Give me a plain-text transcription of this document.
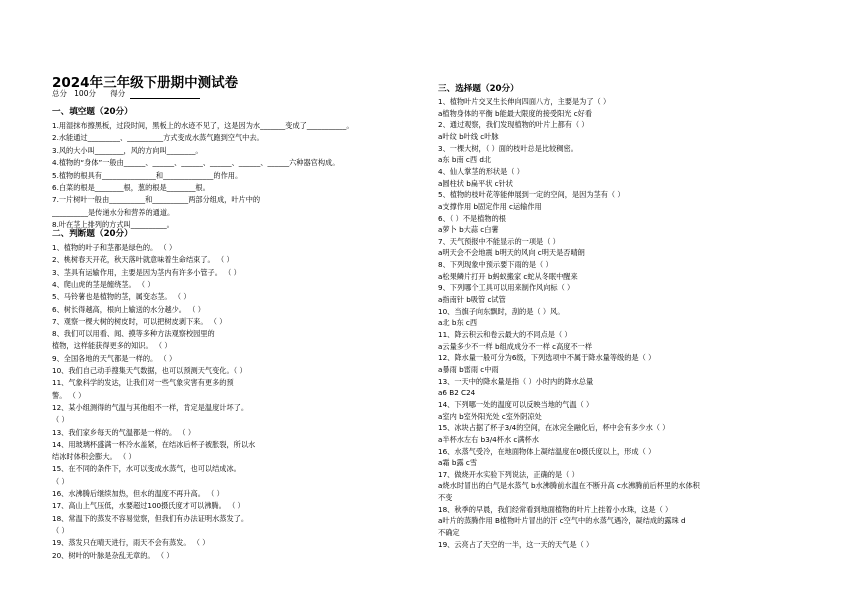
2024年三年级下册期中测试卷
总分 100分 得分
一、填空题（20分）
1.用湿抹布擦黑板，过段时间，黑板上的水迹不见了，这是因为水_______变成了___________。
2.水能通过_________、__________方式变成水蒸气跑到空气中去。
3.风的大小叫________，风的方向叫________。
4.植物的“身体”一般由______、______、______、______、______、______六种器官构成。
5.植物的根具有_______________和______________的作用。
6.白菜的根是________根，葱的根是________根。
7.一片树叶一般由__________和__________两部分组成，叶片中的
__________是传递水分和营养的通道。
8.叶在茎上排列的方式叫__________。
二、判断题（20分）
1、植物的叶子和茎都是绿色的。 （ ）
2、桃树春天开花，秋天落叶就意味着生命结束了。 （ ）
3、茎具有运输作用，主要是因为茎内有许多小管子。 （ ）
4、爬山虎的茎是缠绕茎。 （ ）
5、马铃薯也是植物的茎，属变态茎。 （ ）
6、树长得越高，根向上输送的水分越少。 （ ）
7、观察一棵大树的树皮时，可以把树皮剥下来。 （ ）
8、我们可以用看、闻、摸等多种方法观察校园里的
植物，这样能获得更多的知识。 （ ）
9、全国各地的天气都是一样的。 （ ）
10、我们自己动手搜集天气数据，也可以预测天气变化。（ ）
11、气象科学的发达，让我们对一些气象灾害有更多的预
警。 （ ）
12、某小组测得的气温与其他组不一样，肯定是温度计坏了。
（ ）
13、我们家乡每天的气温都是一样的。 （ ）
14、用玻璃杯盛满一杯冷水盖紧，在结冰后杯子被胀裂，所以水
结冰时体积会膨大。 （ ）
15、在不同的条件下，水可以变成水蒸气，也可以结成冰。
（ ）
16、水沸腾后继续加热，但水的温度不再升高。 （ ）
17、高山上气压低，水要超过100摄氏度才可以沸腾。 （ ）
18、常温下的蒸发不容易觉察，但我们有办法证明水蒸发了。
（ ）
19、蒸发只在晴天进行，雨天不会有蒸发。 （ ）
20、树叶的叶脉是杂乱无章的。 （ ）
三、选择题（20分）
1、植物叶片交叉生长伸向四面八方，主要是为了（ ）
a植物身体的平衡 b能最大限度的接受阳光 c好看
2、通过观察，我们发现植物的叶片上都有（ ）
a叶纹 b叶线 c叶脉
3、一棵大树，（ ）面的枝叶总是比较稠密。
a东 b南 c西 d北
4、仙人掌茎的形状是（ ）
a圆柱状 b扁平状 c针状
5、植物的枝叶花等能伸展到一定的空间，是因为茎有（ ）
a支撑作用 b固定作用 c运输作用
6、（ ）不是植物的根
a萝卜 b大蒜 c白薯
7、天气预报中不能显示的一项是（ ）
a明天会不会地震 b明天的风向 c明天是否晴朗
8、下列现象中预示要下雨的是（ ）
a松果鳞片打开 b蚂蚁搬家 c蛇从冬眠中醒来
9、下列哪个工具可以用来制作风向标（ ）
a指南针 b吸管 c试管
10、当旗子向东飘时，刮的是（ ）风。
a北 b东 c西
11、降云积云和卷云最大的不同点是（ ）
a云量多少不一样 b组成成分不一样 c高度不一样
12、降水量一般可分为6级，下列选项中不属于降水量等级的是（ ）
a暴雨 b雷雨 c中雨
13、一天中的降水量是指（ ）小时内的降水总量
a6 B2 C24
14、下列哪一处的温度可以反映当地的气温（ ）
a室内 b室外阳光处 c室外阴凉处
15、冰块占据了杯子3/4的空间，在冰完全融化后，杯中会有多少水（ ）
a半杯水左右 b3/4杯水 c满杯水
16、水蒸气受冷，在地面物体上凝结温度在0摄氏度以上，形成（ ）
a霜 b露 c雪
17、做烧开水实验下列说法，正确的是（ ）
a烧水时冒出的白气是水蒸气 b水沸腾前水温在不断升高 c水沸腾前后杯里的水体积
不变
18、秋季的早晨，我们经常看到地面植物的叶片上挂着小水珠，这是（ ）
a叶片的蒸腾作用 B植物叶片冒出的汗 c空气中的水蒸气遇冷，凝结成的露珠 d
不确定
19、云亮占了天空的一半，这一天的天气是（ ）
